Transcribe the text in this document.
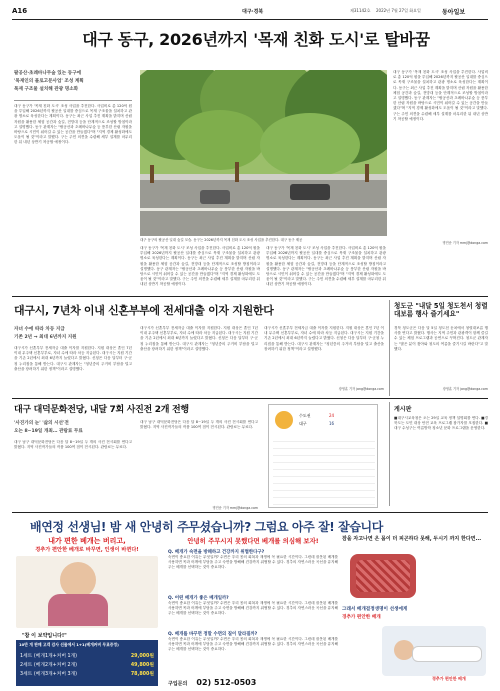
A16	대구·경북	제31142호 2022년 7월 27일 화요일	동아일보
대구 동구, 2026년까지 '목재 친화 도시'로 탈바꿈
팔공산·초례바나무숲 있는 동구에
'목재인의 몰로고문사업' 조성 계획
목재 구조물 설치해 관광 명소화
대구 동구가 '목재 친화 도시' 조성 사업을 추진한다. 사업비로 총 120억 원을 투입해 2026년까지 팔공산 일대를 중심으로 목재 구조물을 설치하고 관광 명소로 육성한다는 계획이다. 동구는 최근 사업 추진 계획을 밝히며 산림 자원을 활용한 체험 공간과 숲길, 전망대 등을 단계적으로 조성할 방침이라고 설명했다. 동구 관계자는 "팔공산과 초례바나무숲 등 풍부한 산림 자원을 바탕으로 시민이 쉬어갈 수 있는 공간을 만들겠다"며 "지역 경제 활성화에도 도움이 될 것"이라고 말했다. 구는 주민 의견을 수렴해 세부 설계를 마무리한 뒤 내년 상반기 착공할 예정이다.
대구 동구의 팔공산 일대 숲길 모습. 동구는 2026년까지 목재 친화 도시 조성 사업을 추진한다. 대구 동구 제공
대구 동구가 '목재 친화 도시' 조성 사업을 추진한다. 사업비로 총 120억 원을 투입해 2026년까지 팔공산 일대를 중심으로 목재 구조물을 설치하고 관광 명소로 육성한다는 계획이다. 동구는 최근 사업 추진 계획을 밝히며 산림 자원을 활용한 체험 공간과 숲길, 전망대 등을 단계적으로 조성할 방침이라고 설명했다. 동구 관계자는 "팔공산과 초례바나무숲 등 풍부한 산림 자원을 바탕으로 시민이 쉬어갈 수 있는 공간을 만들겠다"며 "지역 경제 활성화에도 도움이 될 것"이라고 말했다. 구는 주민 의견을 수렴해 세부 설계를 마무리한 뒤 내년 상반기 착공할 예정이다.
명민준 기자 mmj@donga.com
대구 동구가 '목재 친화 도시' 조성 사업을 추진한다. 사업비로 총 120억 원을 투입해 2026년까지 팔공산 일대를 중심으로 목재 구조물을 설치하고 관광 명소로 육성한다는 계획이다. 동구는 최근 사업 추진 계획을 밝히며 산림 자원을 활용한 체험 공간과 숲길, 전망대 등을 단계적으로 조성할 방침이라고 설명했다. 동구 관계자는 "팔공산과 초례바나무숲 등 풍부한 산림 자원을 바탕으로 시민이 쉬어갈 수 있는 공간을 만들겠다"며 "지역 경제 활성화에도 도움이 될 것"이라고 말했다. 구는 주민 의견을 수렴해 세부 설계를 마무리한 뒤 내년 상반기 착공할 예정이다.
대구 동구가 '목재 친화 도시' 조성 사업을 추진한다. 사업비로 총 120억 원을 투입해 2026년까지 팔공산 일대를 중심으로 목재 구조물을 설치하고 관광 명소로 육성한다는 계획이다. 동구는 최근 사업 추진 계획을 밝히며 산림 자원을 활용한 체험 공간과 숲길, 전망대 등을 단계적으로 조성할 방침이라고 설명했다. 동구 관계자는 "팔공산과 초례바나무숲 등 풍부한 산림 자원을 바탕으로 시민이 쉬어갈 수 있는 공간을 만들겠다"며 "지역 경제 활성화에도 도움이 될 것"이라고 말했다. 구는 주민 의견을 수렴해 세부 설계를 마무리한 뒤 내년 상반기 착공할 예정이다.
대구시, 7년차 이내 신혼부부에 전세대출 이자 지원한다
자녀 수에 따라 차등 지급
기존 2년 → 최대 6년까지 지원
대구시가 신혼부부 전세자금 대출 이자를 지원한다. 지원 대상은 혼인 7년 이내 무주택 신혼부부로, 자녀 수에 따라 차등 지급된다. 대구시는 지원 기간을 기존 2년에서 최대 6년까지 늘렸다고 밝혔다. 신청은 다음 달부터 구·군청 누리집을 통해 받는다. 대구시 관계자는 "청년층의 주거비 부담을 덜고 출산을 장려하기 위한 정책"이라고 설명했다.
대구시가 신혼부부 전세자금 대출 이자를 지원한다. 지원 대상은 혼인 7년 이내 무주택 신혼부부로, 자녀 수에 따라 차등 지급된다. 대구시는 지원 기간을 기존 2년에서 최대 6년까지 늘렸다고 밝혔다. 신청은 다음 달부터 구·군청 누리집을 통해 받는다. 대구시 관계자는 "청년층의 주거비 부담을 덜고 출산을 장려하기 위한 정책"이라고 설명했다.
대구시가 신혼부부 전세자금 대출 이자를 지원한다. 지원 대상은 혼인 7년 이내 무주택 신혼부부로, 자녀 수에 따라 차등 지급된다. 대구시는 지원 기간을 기존 2년에서 최대 6년까지 늘렸다고 밝혔다. 신청은 다음 달부터 구·군청 누리집을 통해 받는다. 대구시 관계자는 "청년층의 주거비 부담을 덜고 출산을 장려하기 위한 정책"이라고 설명했다.
장영훈 기자 jang@donga.com
청도군 "내달 5일 청도천서 청렬대보름 행사 즐기세요"
경북 청도군은 다음 달 5일 청도천 둔치에서 청렬대보름 행사를 연다고 밝혔다. 행사는 지역 주민과 관광객이 함께 즐길 수 있는 체험 프로그램과 공연으로 꾸며진다. 청도군 관계자는 "많은 분이 찾아와 청도의 여름을 즐기시길 바란다"고 말했다.
장영훈 기자 jang@donga.com
대구 대덕문화전당, 내달 7회 사진전 2개 전행
'사진가의 눈' '삶의 시선'전
오는 8~19일 개최… 관람료 무료
대구 남구 대덕문화전당은 다음 달 8~19일 두 개의 사진 전시회를 연다고 밝혔다. 지역 사진작가들의 작품 100여 점이 전시된다. 관람료는 무료다.
대구 남구 대덕문화전당은 다음 달 8~19일 두 개의 사진 전시회를 연다고 밝혔다. 지역 사진작가들의 작품 100여 점이 전시된다. 관람료는 무료다.
명민준 기자 mmj@donga.com
수도권	24
대구	16
게시판
■대구시교육청은 오는 29일 교육 정책 설명회를 연다. ■경북도는 도민 대상 안전 교육 프로그램 참가자를 모집한다. ■대구 수성구는 여름방학 청소년 문화 프로그램을 운영한다.
배연정 선생님! 밤 새 안녕히 주무셨습니까? 그럼요 아주 잘! 잘습니다
내가 편한 베개는 버리고,
경추가 편안한 베개로 바꾸면, 인생이 바뀐다!
"참 이 보약입니다!"
10만 개 판매 고객 감사 선물에서 1+1(베개커버 무료증정)
1세트 (베개1개+커버 1개)	29,000원
2세트 (베개2개+커버 2개)	49,800원
3세트 (베개3개+커버 3개)	78,800원
안녕히 주무시지 못했다면 베개를 의심해 보자!
Q. 베개가 숙면을 방해하고 건강까지 위협한다구?
숙면이 충요한 이유는 무엇일까? 수면은 우리 몸의 회복과 재생에 꼭 필요한 시간이다. 그런데 잘못된 베개를 사용하면 목과 어깨에 부담을 주고 숙면을 방해해 건강까지 위협할 수 있다. 경추의 자연스러운 곡선을 유지해 주는 베개를 선택하는 것이 중요하다.
Q. 어떤 베개가 좋은 베개일까?
숙면이 충요한 이유는 무엇일까? 수면은 우리 몸의 회복과 재생에 꼭 필요한 시간이다. 그런데 잘못된 베개를 사용하면 목과 어깨에 부담을 주고 숙면을 방해해 건강까지 위협할 수 있다. 경추의 자연스러운 곡선을 유지해 주는 베개를 선택하는 것이 중요하다.
Q. 베개를 바꾸면 정말 수면의 질이 달라질까?
숙면이 충요한 이유는 무엇일까? 수면은 우리 몸의 회복과 재생에 꼭 필요한 시간이다. 그런데 잘못된 베개를 사용하면 목과 어깨에 부담을 주고 숙면을 방해해 건강까지 위협할 수 있다. 경추의 자연스러운 곡선을 유지해 주는 베개를 선택하는 것이 중요하다.
구입문의 02) 512-0503
잠을 자고나면 온 몸이 더 피곤하다 못해, 두시기 까지 한다면...
그래서 베개걸정생명이 선생에게
경추가 편안한 베개
경추가 편안한 베개
